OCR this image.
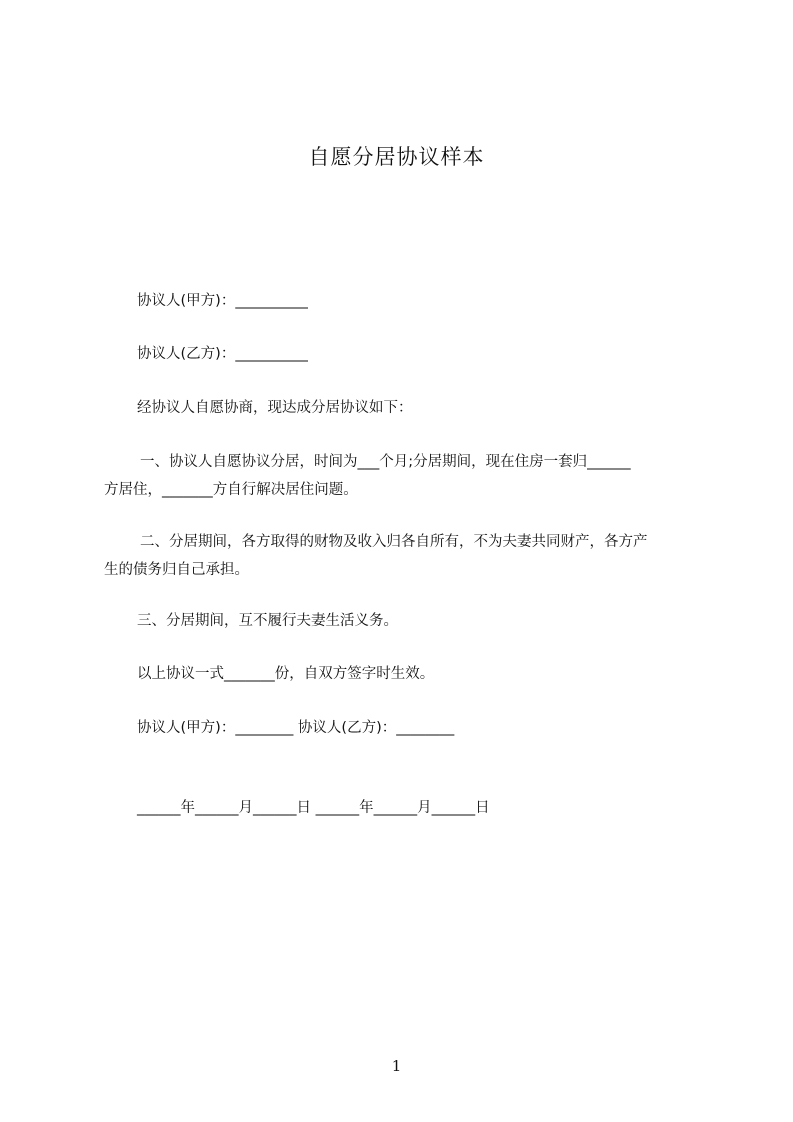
自愿分居协议样本
协议人(甲方)：__________
协议人(乙方)：__________
经协议人自愿协商，现达成分居协议如下：
一、协议人自愿协议分居，时间为___个月;分居期间，现在住房一套归______
方居住，_______方自行解决居住问题。
二、分居期间，各方取得的财物及收入归各自所有，不为夫妻共同财产，各方产
生的债务归自己承担。
三、分居期间，互不履行夫妻生活义务。
以上协议一式_______份，自双方签字时生效。
协议人(甲方)：________ 协议人(乙方)：________
______年______月______日 ______年______月______日
1
